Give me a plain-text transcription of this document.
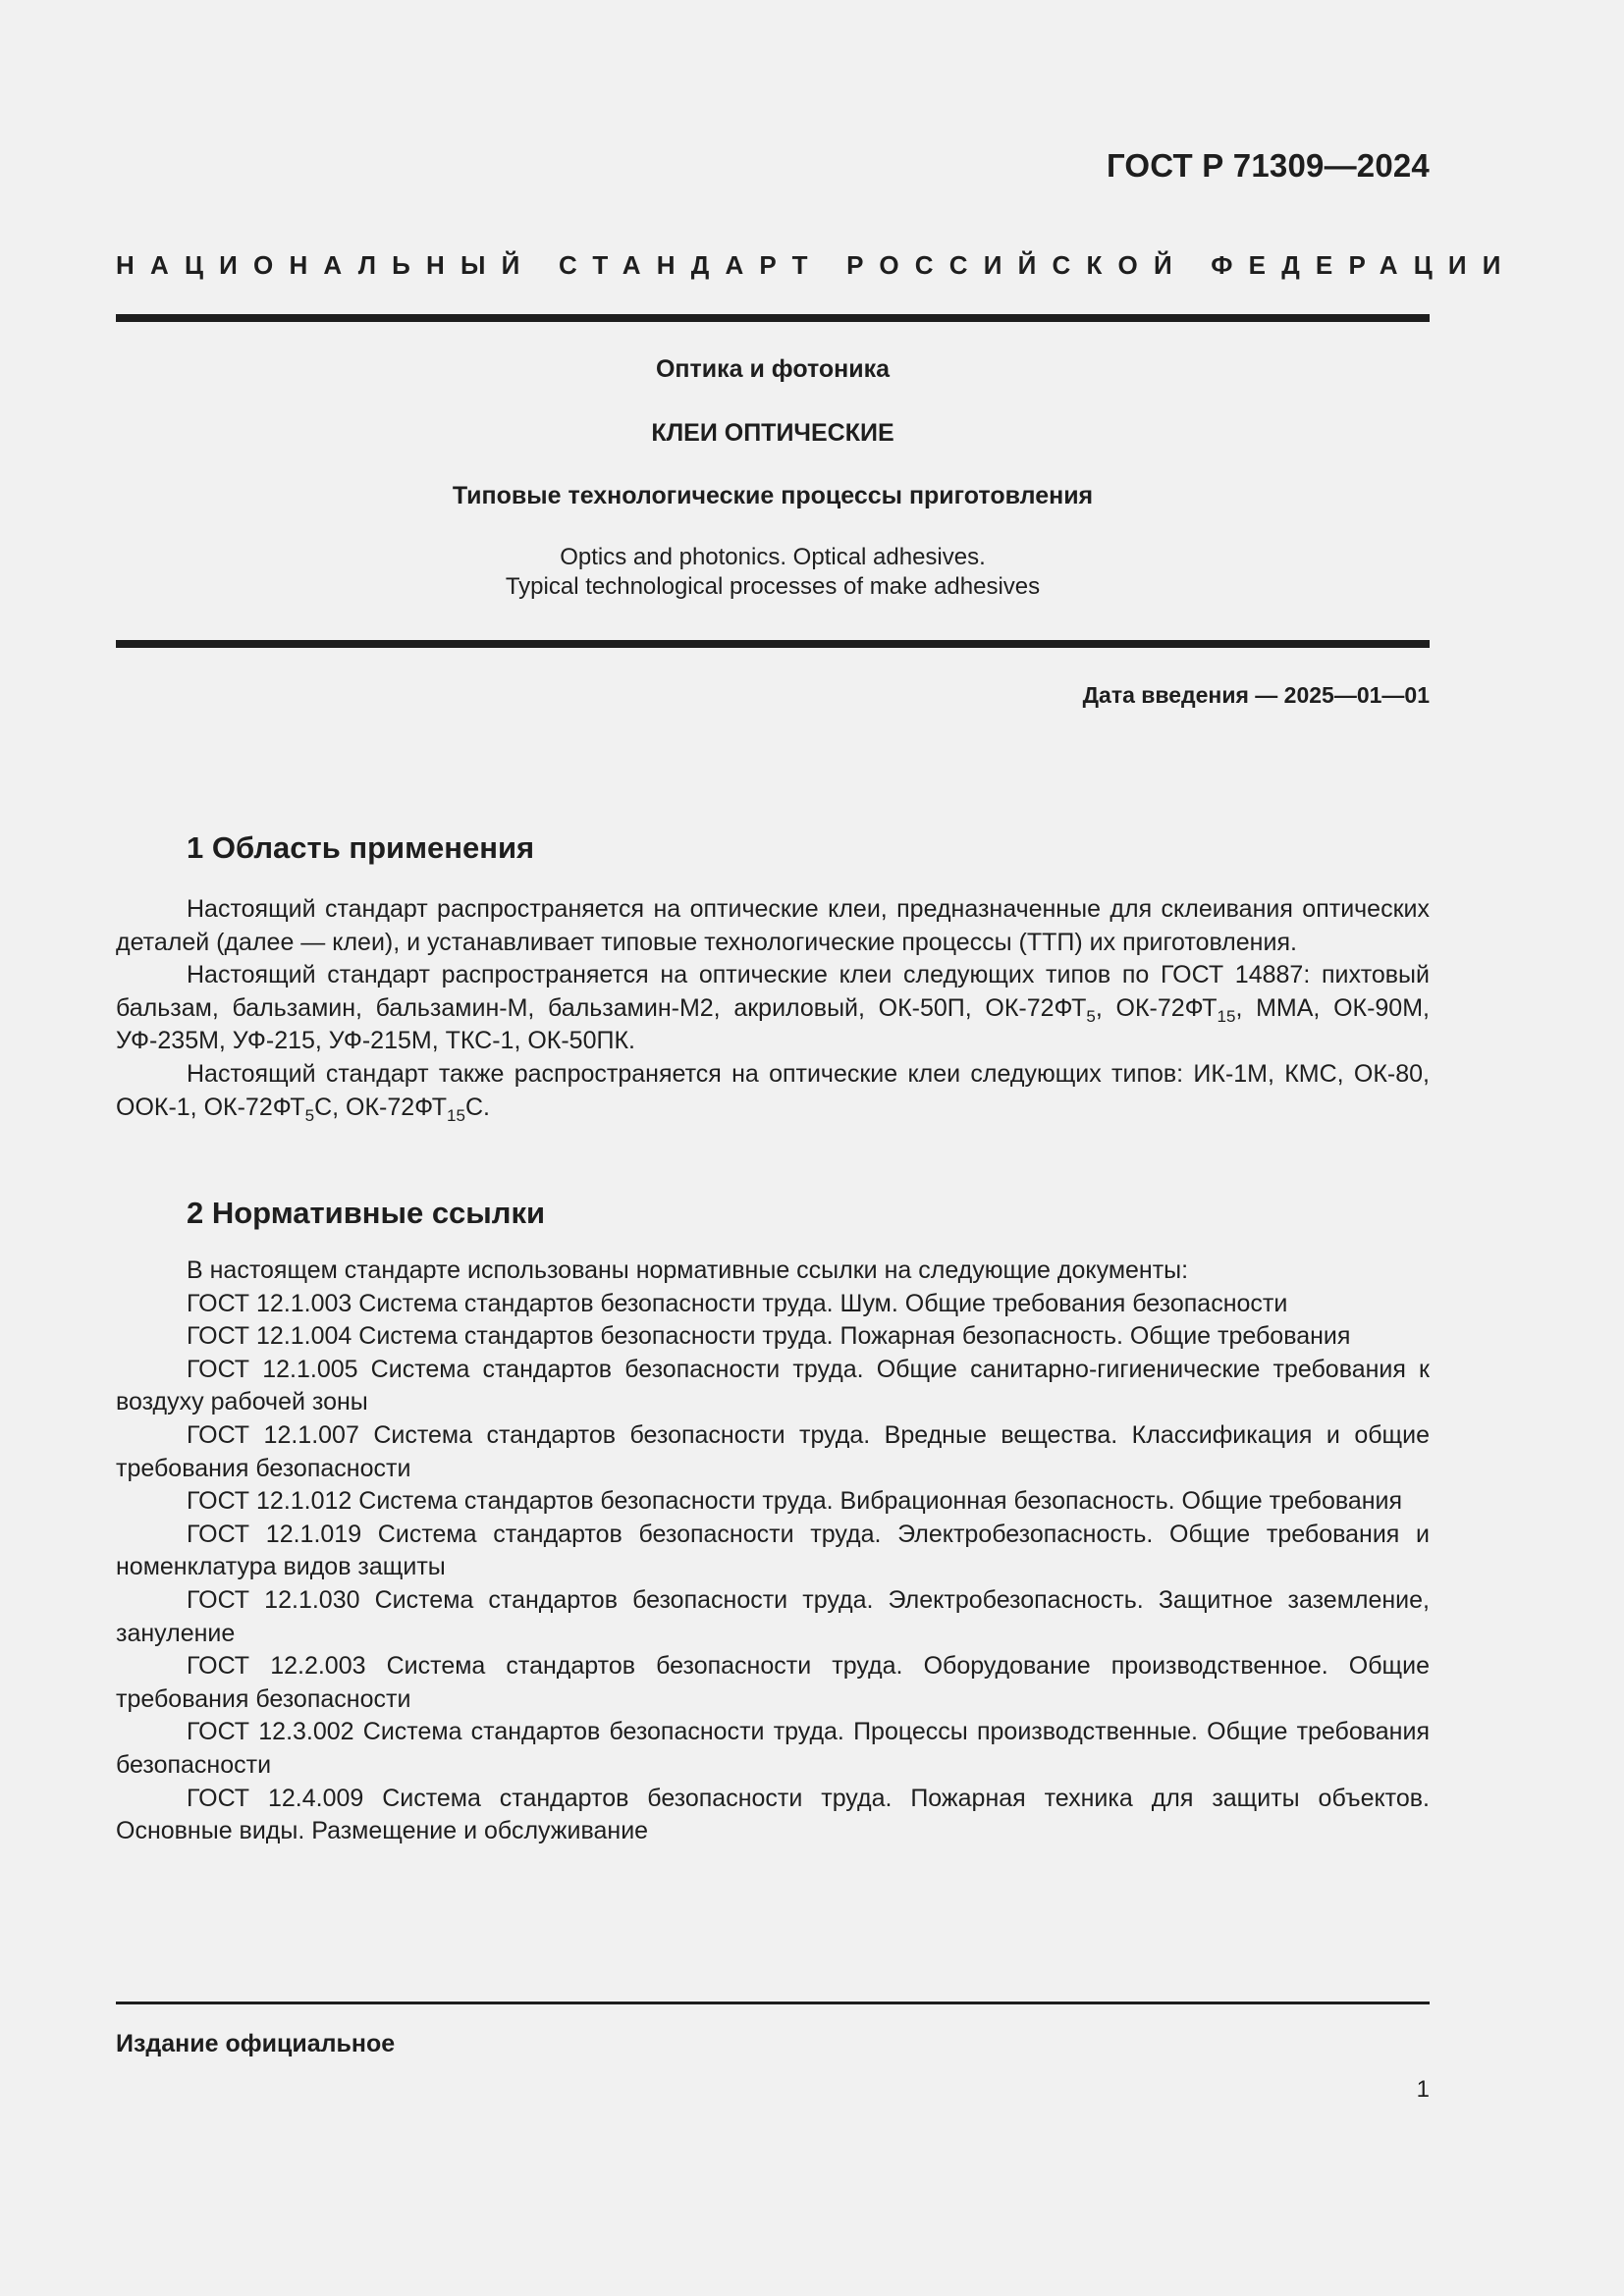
ГОСТ Р 71309—2024
НАЦИОНАЛЬНЫЙ СТАНДАРТ РОССИЙСКОЙ ФЕДЕРАЦИИ
Оптика и фотоника
КЛЕИ ОПТИЧЕСКИЕ
Типовые технологические процессы приготовления
Optics and photonics. Optical adhesives.
Typical technological processes of make adhesives
Дата введения — 2025—01—01
1 Область применения

Настоящий стандарт распространяется на оптические клеи, предназначенные для склеивания оптических деталей (далее — клеи), и устанавливает типовые технологические процессы (ТТП) их приготовления.

Настоящий стандарт распространяется на оптические клеи следующих типов по ГОСТ 14887: пихтовый бальзам, бальзамин, бальзамин-М, бальзамин-М2, акриловый, ОК-50П, $ОК-72ФТ_5$, $ОК-72ФТ_{15}$, ММА, ОК-90М, УФ-235М, УФ-215, УФ-215М, ТКС-1, ОК-50ПК.

Настоящий стандарт также распространяется на оптические клеи следующих типов: ИК-1М, КМС, ОК-80, ООК-1, $ОК-72ФТ_5С$, $ОК-72ФТ_{15}С$.

2 Нормативные ссылки

В настоящем стандарте использованы нормативные ссылки на следующие документы:

ГОСТ 12.1.003 Система стандартов безопасности труда. Шум. Общие требования безопасности

ГОСТ 12.1.004 Система стандартов безопасности труда. Пожарная безопасность. Общие требования

ГОСТ 12.1.005 Система стандартов безопасности труда. Общие санитарно-гигиенические требования к воздуху рабочей зоны

ГОСТ 12.1.007 Система стандартов безопасности труда. Вредные вещества. Классификация и общие требования безопасности

ГОСТ 12.1.012 Система стандартов безопасности труда. Вибрационная безопасность. Общие требования

ГОСТ 12.1.019 Система стандартов безопасности труда. Электробезопасность. Общие требования и номенклатура видов защиты

ГОСТ 12.1.030 Система стандартов безопасности труда. Электробезопасность. Защитное заземление, зануление

ГОСТ 12.2.003 Система стандартов безопасности труда. Оборудование производственное. Общие требования безопасности

ГОСТ 12.3.002 Система стандартов безопасности труда. Процессы производственные. Общие требования безопасности

ГОСТ 12.4.009 Система стандартов безопасности труда. Пожарная техника для защиты объектов. Основные виды. Размещение и обслуживание

Издание официальное
1
